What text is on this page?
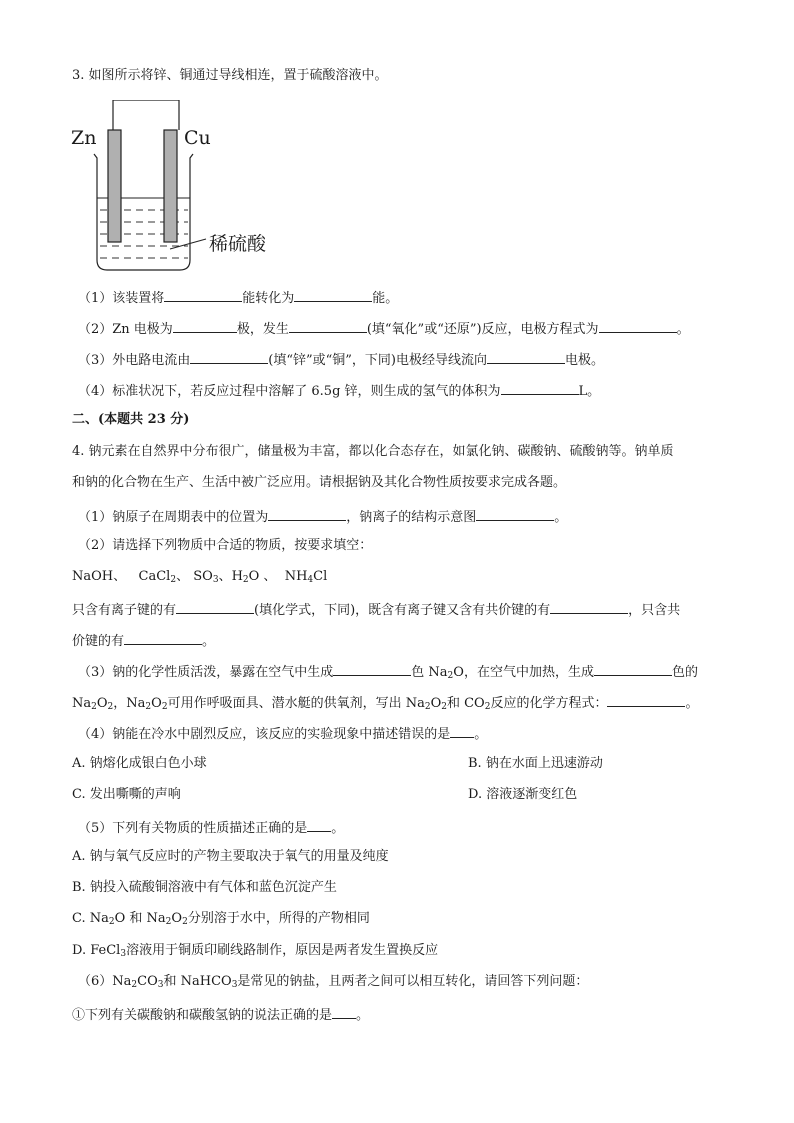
3. 如图所示将锌、铜通过导线相连，置于硫酸溶液中。
Zn	Cu
稀硫酸
（1）该装置将	能转化为	能。
（2）Zn 电极为	极，发生	(填“氧化”或“还原”)反应，电极方程式为	。
（3）外电路电流由	(填“锌”或“铜”，下同)电极经导线流向	电极。
（4）标准状况下，若反应过程中溶解了 6.5g 锌，则生成的氢气的体积为	L。
二、(本题共 23 分)
4. 钠元素在自然界中分布很广，储量极为丰富，都以化合态存在，如氯化钠、碳酸钠、硫酸钠等。钠单质
和钠的化合物在生产、生活中被广泛应用。请根据钠及其化合物性质按要求完成各题。
（1）钠原子在周期表中的位置为	，钠离子的结构示意图	。
（2）请选择下列物质中合适的物质，按要求填空：
NaOH、 CaCl$_2$、 $SO_3$、$H_2O$ 、 $NH_4Cl$
只含有离子键的有	(填化学式，下同)，既含有离子键又含有共价键的有	，只含共
价键的有	。
（3）钠的化学性质活泼，暴露在空气中生成	色 $Na_2O$，在空气中加热，生成	色的
$Na_2O_2$，$Na_2O_2$可用作呼吸面具、潜水艇的供氧剂，写出 $Na_2O_2$和 $CO_2$反应的化学方程式：	。
（4）钠能在冷水中剧烈反应，该反应的实验现象中描述错误的是 。
A. 钠熔化成银白色小球	B. 钠在水面上迅速游动
C. 发出嘶嘶的声响	D. 溶液逐渐变红色
（5）下列有关物质的性质描述正确的是 。
A. 钠与氧气反应时的产物主要取决于氧气的用量及纯度
B. 钠投入硫酸铜溶液中有气体和蓝色沉淀产生
C. $Na_2O$ 和 $Na_2O_2$分别溶于水中，所得的产物相同
D. FeCl$_3$溶液用于铜质印刷线路制作，原因是两者发生置换反应
$(6)Na_2CO_3$和 NaHCO$_3$是常见的钠盐，且两者之间可以相互转化，请回答下列问题：
①下列有关碳酸钠和碳酸氢钠的说法正确的是 。
